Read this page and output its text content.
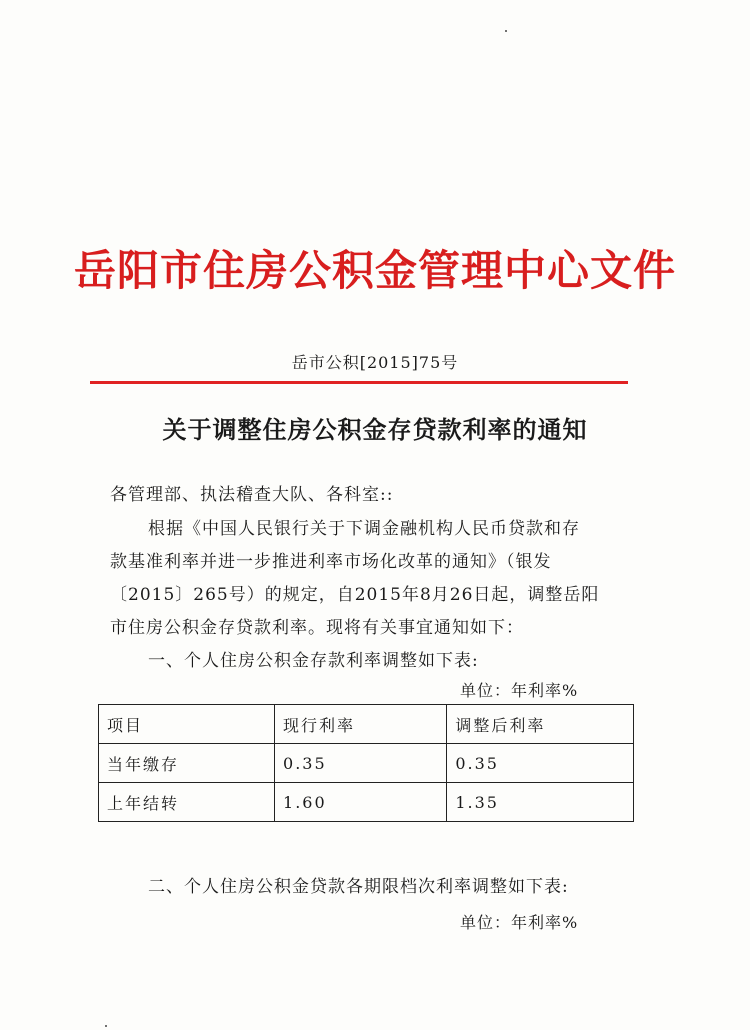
岳阳市住房公积金管理中心文件
岳市公积[2015]75号
关于调整住房公积金存贷款利率的通知
各管理部、执法稽查大队、各科室::
根据《中国人民银行关于下调金融机构人民币贷款和存
款基准利率并进一步推进利率市场化改革的通知》（银发
〔2015〕265号）的规定，自2015年8月26日起，调整岳阳
市住房公积金存贷款利率。现将有关事宜通知如下：
一、个人住房公积金存款利率调整如下表:
单位：年利率%
项目	现行利率	调整后利率
当年缴存	0.35	0.35
上年结转	1.60	1.35
二、个人住房公积金贷款各期限档次利率调整如下表:
单位：年利率%
